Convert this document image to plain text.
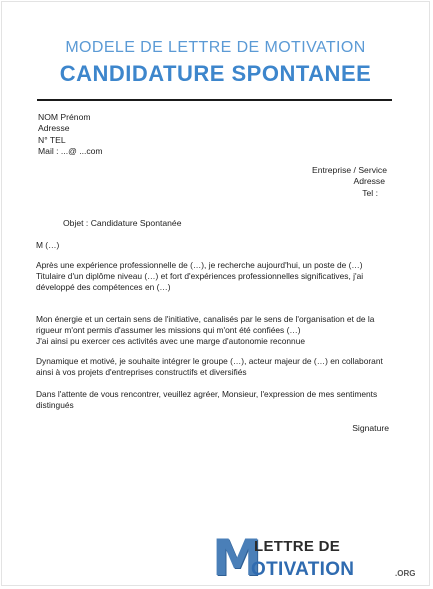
MODELE DE LETTRE DE MOTIVATION
CANDIDATURE SPONTANEE
NOM Prénom
Adresse
N° TEL
Mail : ...@ ...com
Entreprise / Service
Adresse
Tel :
Objet : Candidature Spontanée
M (…)
Après une expérience professionnelle de (…), je recherche aujourd'hui, un poste de (…)
Titulaire d'un diplôme niveau (…) et fort d'expériences professionnelles significatives, j'ai développé des compétences en (…)
Mon énergie et un certain sens de l'initiative, canalisés par le sens de l'organisation et de la rigueur m'ont permis d'assumer les missions qui m'ont été confiées (…)
J'ai ainsi pu exercer ces activités avec une marge d'autonomie reconnue
Dynamique et motivé, je souhaite intégrer le groupe (…), acteur majeur de (…) en collaborant ainsi à vos projets d'entreprises constructifs et diversifiés
Dans l'attente de vous rencontrer, veuillez agréer, Monsieur, l'expression de mes sentiments distingués
Signature
M
LETTRE DE
OTIVATION	.ORG
